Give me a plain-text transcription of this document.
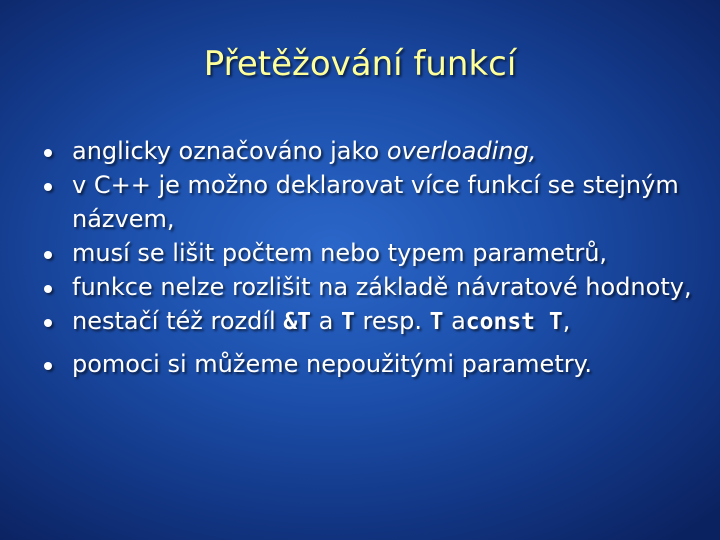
Přetěžování funkcí
anglicky označováno jako overloading,
v C++ je možno deklarovat více funkcí se stejným názvem,
musí se lišit počtem nebo typem parametrů,
funkce nelze rozlišit na základě návratové hodnoty,
nestačí též rozdíl &T a T resp. T aconst T,
pomoci si můžeme nepoužitými parametry.
